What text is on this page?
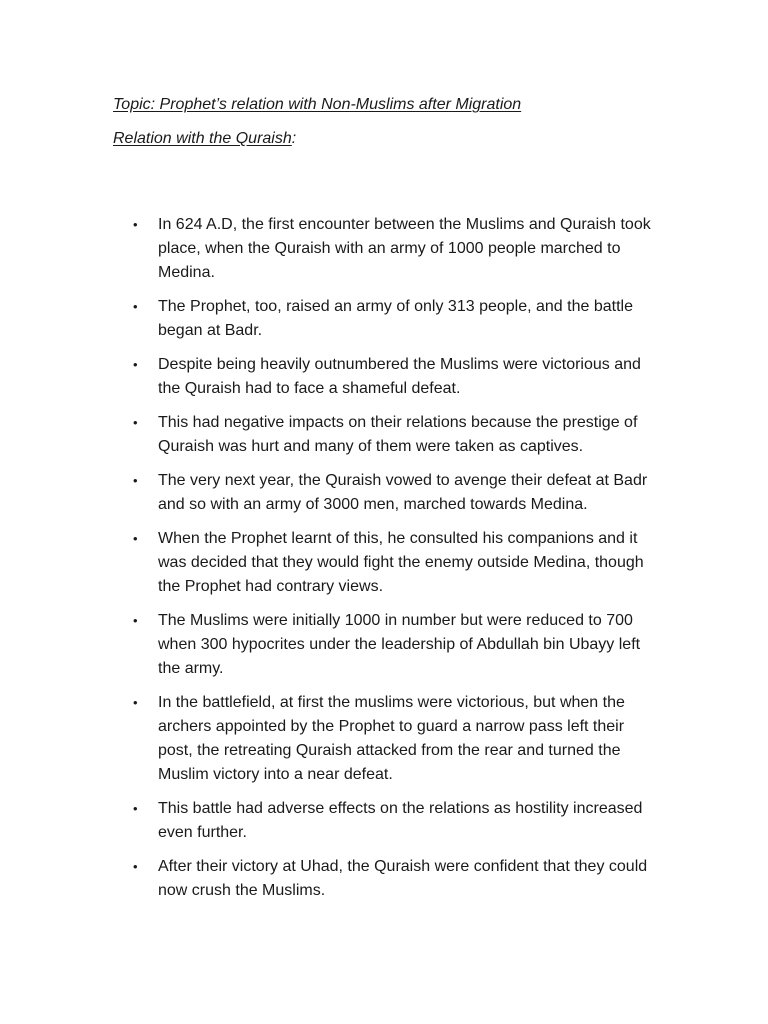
Topic: Prophet’s relation with Non-Muslims after Migration
Relation with the Quraish:
• In 624 A.D, the first encounter between the Muslims and Quraish took place, when the Quraish with an army of 1000 people marched to Medina.
• The Prophet, too, raised an army of only 313 people, and the battle began at Badr.
• Despite being heavily outnumbered the Muslims were victorious and the Quraish had to face a shameful defeat.
• This had negative impacts on their relations because the prestige of Quraish was hurt and many of them were taken as captives.
• The very next year, the Quraish vowed to avenge their defeat at Badr and so with an army of 3000 men, marched towards Medina.
• When the Prophet learnt of this, he consulted his companions and it was decided that they would fight the enemy outside Medina, though the Prophet had contrary views.
• The Muslims were initially 1000 in number but were reduced to 700 when 300 hypocrites under the leadership of Abdullah bin Ubayy left the army.
• In the battlefield, at first the muslims were victorious, but when the archers appointed by the Prophet to guard a narrow pass left their post, the retreating Quraish attacked from the rear and turned the Muslim victory into a near defeat.
• This battle had adverse effects on the relations as hostility increased even further.
• After their victory at Uhad, the Quraish were confident that they could now crush the Muslims.
